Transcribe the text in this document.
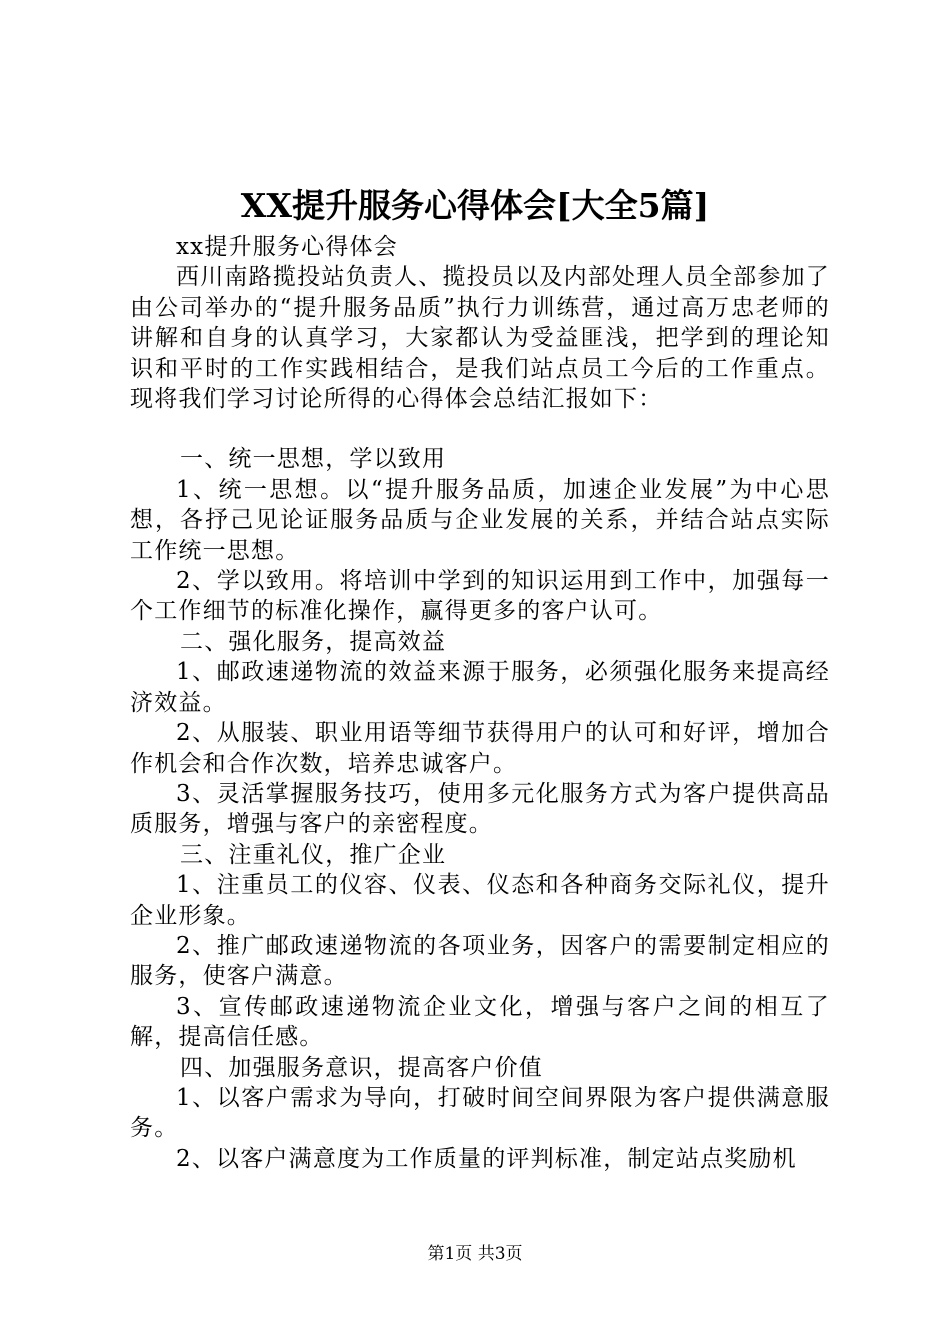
XX提升服务心得体会[大全5篇]

xx提升服务心得体会

西川南路揽投站负责人、揽投员以及内部处理人员全部参加了由公司举办的“提升服务品质”执行力训练营，通过高万忠老师的讲解和自身的认真学习，大家都认为受益匪浅，把学到的理论知识和平时的工作实践相结合，是我们站点员工今后的工作重点。现将我们学习讨论所得的心得体会总结汇报如下：

一、统一思想，学以致用

1、统一思想。以“提升服务品质，加速企业发展”为中心思想，各抒己见论证服务品质与企业发展的关系，并结合站点实际工作统一思想。

2、学以致用。将培训中学到的知识运用到工作中，加强每一个工作细节的标准化操作，赢得更多的客户认可。

二、强化服务，提高效益

1、邮政速递物流的效益来源于服务，必须强化服务来提高经济效益。

2、从服装、职业用语等细节获得用户的认可和好评，增加合作机会和合作次数，培养忠诚客户。

3、灵活掌握服务技巧，使用多元化服务方式为客户提供高品质服务，增强与客户的亲密程度。

三、注重礼仪，推广企业

1、注重员工的仪容、仪表、仪态和各种商务交际礼仪，提升企业形象。

2、推广邮政速递物流的各项业务，因客户的需要制定相应的服务，使客户满意。

3、宣传邮政速递物流企业文化，增强与客户之间的相互了解，提高信任感。

四、加强服务意识，提高客户价值

1、以客户需求为导向，打破时间空间界限为客户提供满意服务。

2、以客户满意度为工作质量的评判标准，制定站点奖励机

第1页 共3页
